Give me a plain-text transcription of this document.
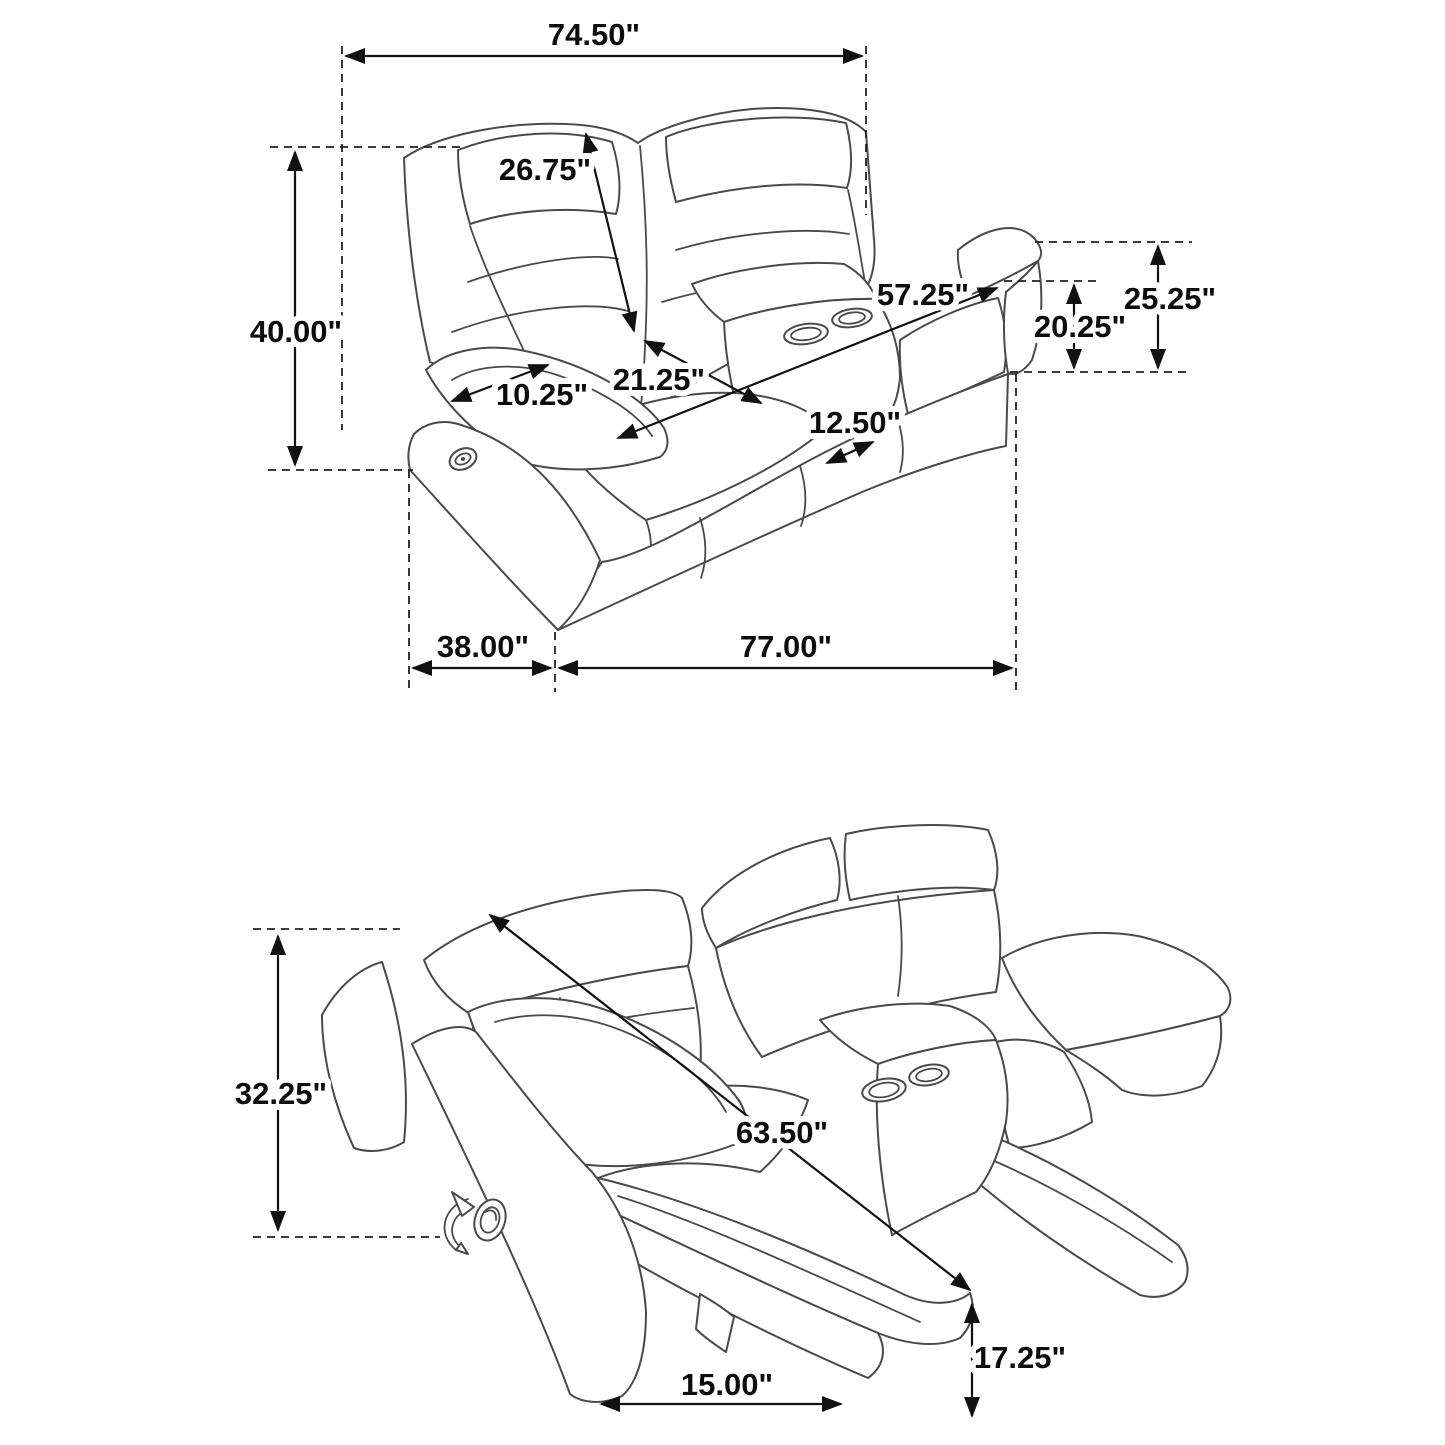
74.50"
26.75"
40.00"
10.25" 21.25"
57.25"
12.50"
25.25"
20.25"
38.00"	77.00"
32.25"
63.50"
15.00"
17.25"
